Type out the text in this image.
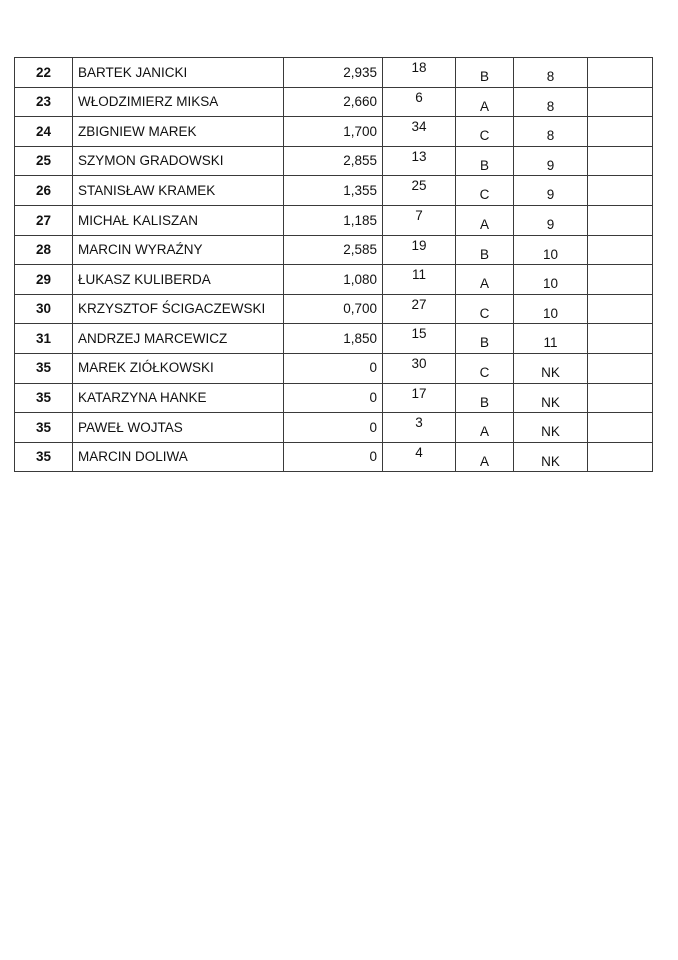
22	BARTEK JANICKI	2,935	18	B	8	
23	WŁODZIMIERZ MIKSA	2,660	6	A	8	
24	ZBIGNIEW MAREK	1,700	34	C	8	
25	SZYMON GRADOWSKI	2,855	13	B	9	
26	STANISŁAW KRAMEK	1,355	25	C	9	
27	MICHAŁ KALISZAN	1,185	7	A	9	
28	MARCIN WYRAŹNY	2,585	19	B	10	
29	ŁUKASZ KULIBERDA	1,080	11	A	10	
30	KRZYSZTOF ŚCIGACZEWSKI	0,700	27	C	10	
31	ANDRZEJ MARCEWICZ	1,850	15	B	11	
35	MAREK ZIÓŁKOWSKI	0	30	C	NK	
35	KATARZYNA HANKE	0	17	B	NK	
35	PAWEŁ WOJTAS	0	3	A	NK	
35	MARCIN DOLIWA	0	4	A	NK	
